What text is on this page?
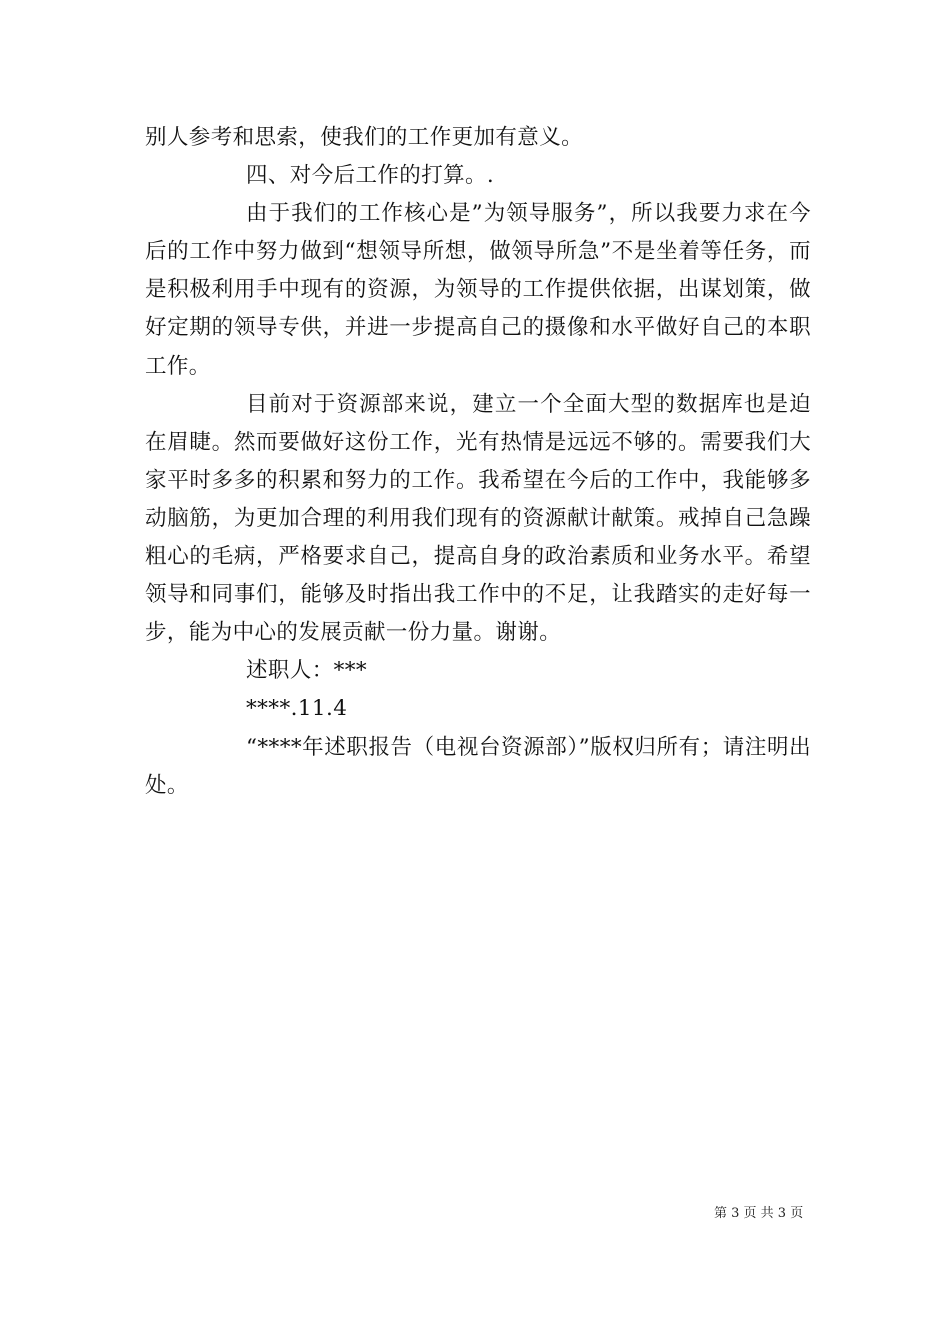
别人参考和思索，使我们的工作更加有意义。

四、对今后工作的打算。.

由于我们的工作核心是”为领导服务”，所以我要力求在今后的工作中努力做到“想领导所想，做领导所急”不是坐着等任务，而是积极利用手中现有的资源，为领导的工作提供依据，出谋划策，做好定期的领导专供，并进一步提高自己的摄像和水平做好自己的本职工作。

目前对于资源部来说，建立一个全面大型的数据库也是迫在眉睫。然而要做好这份工作，光有热情是远远不够的。需要我们大家平时多多的积累和努力的工作。我希望在今后的工作中，我能够多动脑筋，为更加合理的利用我们现有的资源献计献策。戒掉自己急躁粗心的毛病，严格要求自己，提高自身的政治素质和业务水平。希望领导和同事们，能够及时指出我工作中的不足，让我踏实的走好每一步，能为中心的发展贡献一份力量。谢谢。

述职人：***

****.11.4

“****年述职报告（电视台资源部）”版权归所有；请注明出处。

第 3 页 共 3 页
